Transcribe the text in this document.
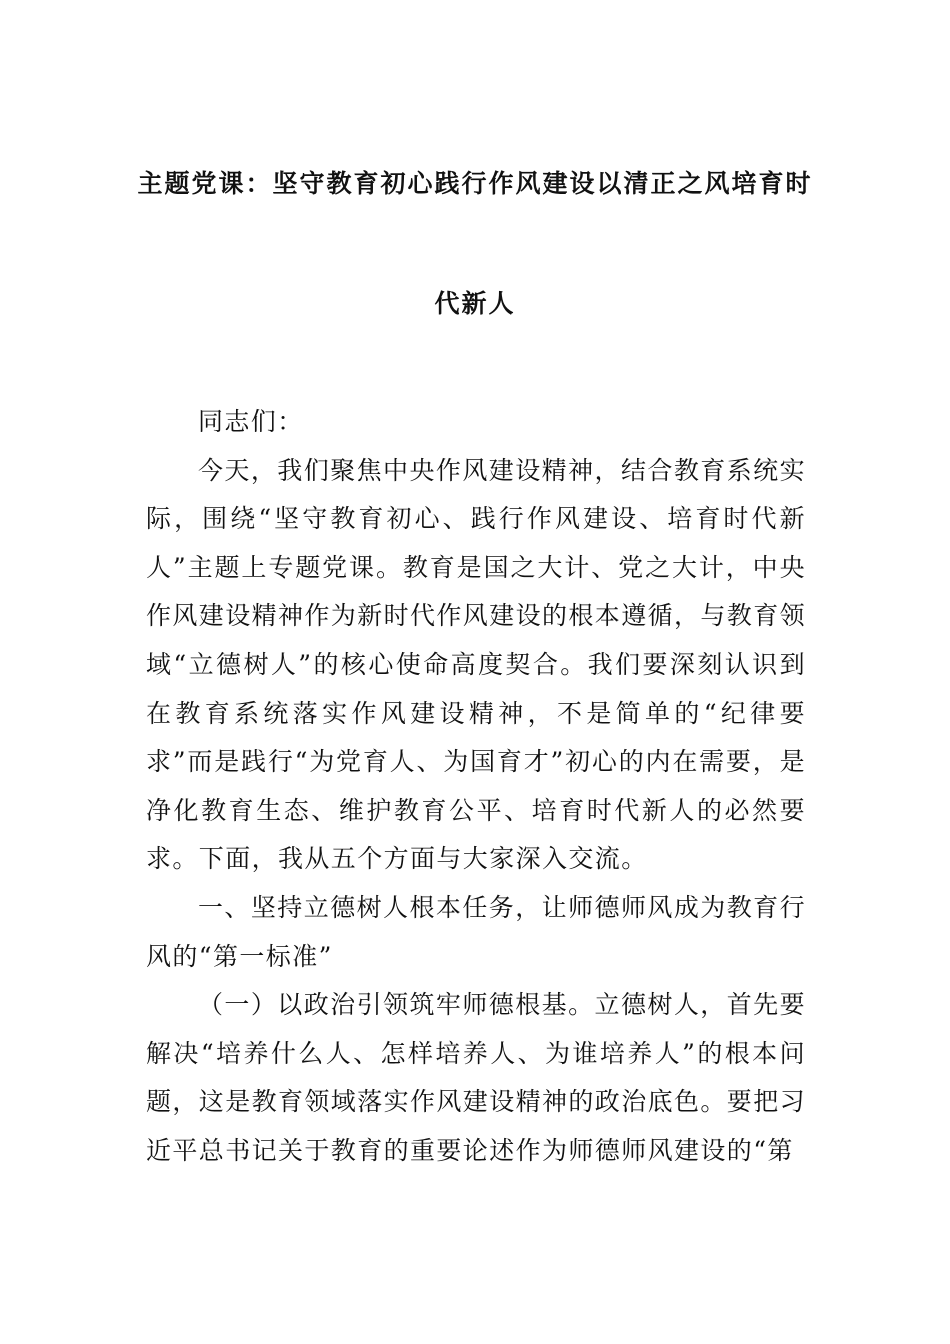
主题党课：坚守教育初心践行作风建设以清正之风培育时
代新人

同志们：

今天，我们聚焦中央作风建设精神，结合教育系统实际，围绕“坚守教育初心、践行作风建设、培育时代新人”主题上专题党课。教育是国之大计、党之大计，中央作风建设精神作为新时代作风建设的根本遵循，与教育领域“立德树人”的核心使命高度契合。我们要深刻认识到在教育系统落实作风建设精神，不是简单的“纪律要求”而是践行“为党育人、为国育才”初心的内在需要，是净化教育生态、维护教育公平、培育时代新人的必然要求。下面，我从五个方面与大家深入交流。

一、坚持立德树人根本任务，让师德师风成为教育行风的“第一标准”

（一）以政治引领筑牢师德根基。立德树人，首先要解决“培养什么人、怎样培养人、为谁培养人”的根本问题，这是教育领域落实作风建设精神的政治底色。要把习近平总书记关于教育的重要论述作为师德师风建设的“第
